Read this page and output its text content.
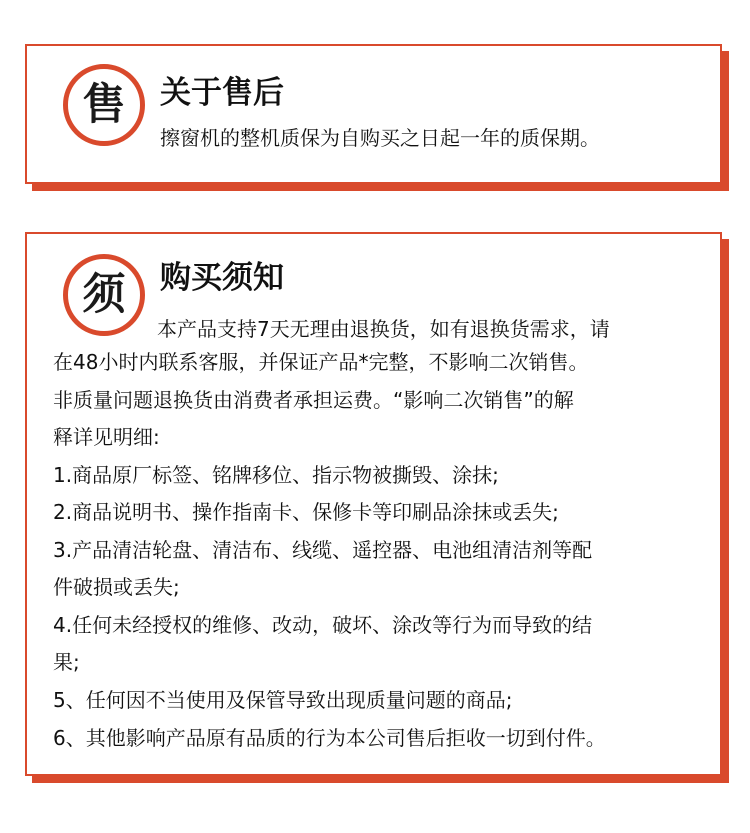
售	关于售后
擦窗机的整机质保为自购买之日起一年的质保期。
须	购买须知
本产品支持7天无理由退换货，如有退换货需求，请
在48小时内联系客服，并保证产品*完整，不影响二次销售。
非质量问题退换货由消费者承担运费。“影响二次销售”的解
释详见明细:
1.商品原厂标签、铭牌移位、指示物被撕毁、涂抹;
2.商品说明书、操作指南卡、保修卡等印刷品涂抹或丢失;
3.产品清洁轮盘、清洁布、线缆、遥控器、电池组清洁剂等配
件破损或丢失;
4.任何未经授权的维修、改动，破坏、涂改等行为而导致的结
果;
5、任何因不当使用及保管导致出现质量问题的商品;
6、其他影响产品原有品质的行为本公司售后拒收一切到付件。
